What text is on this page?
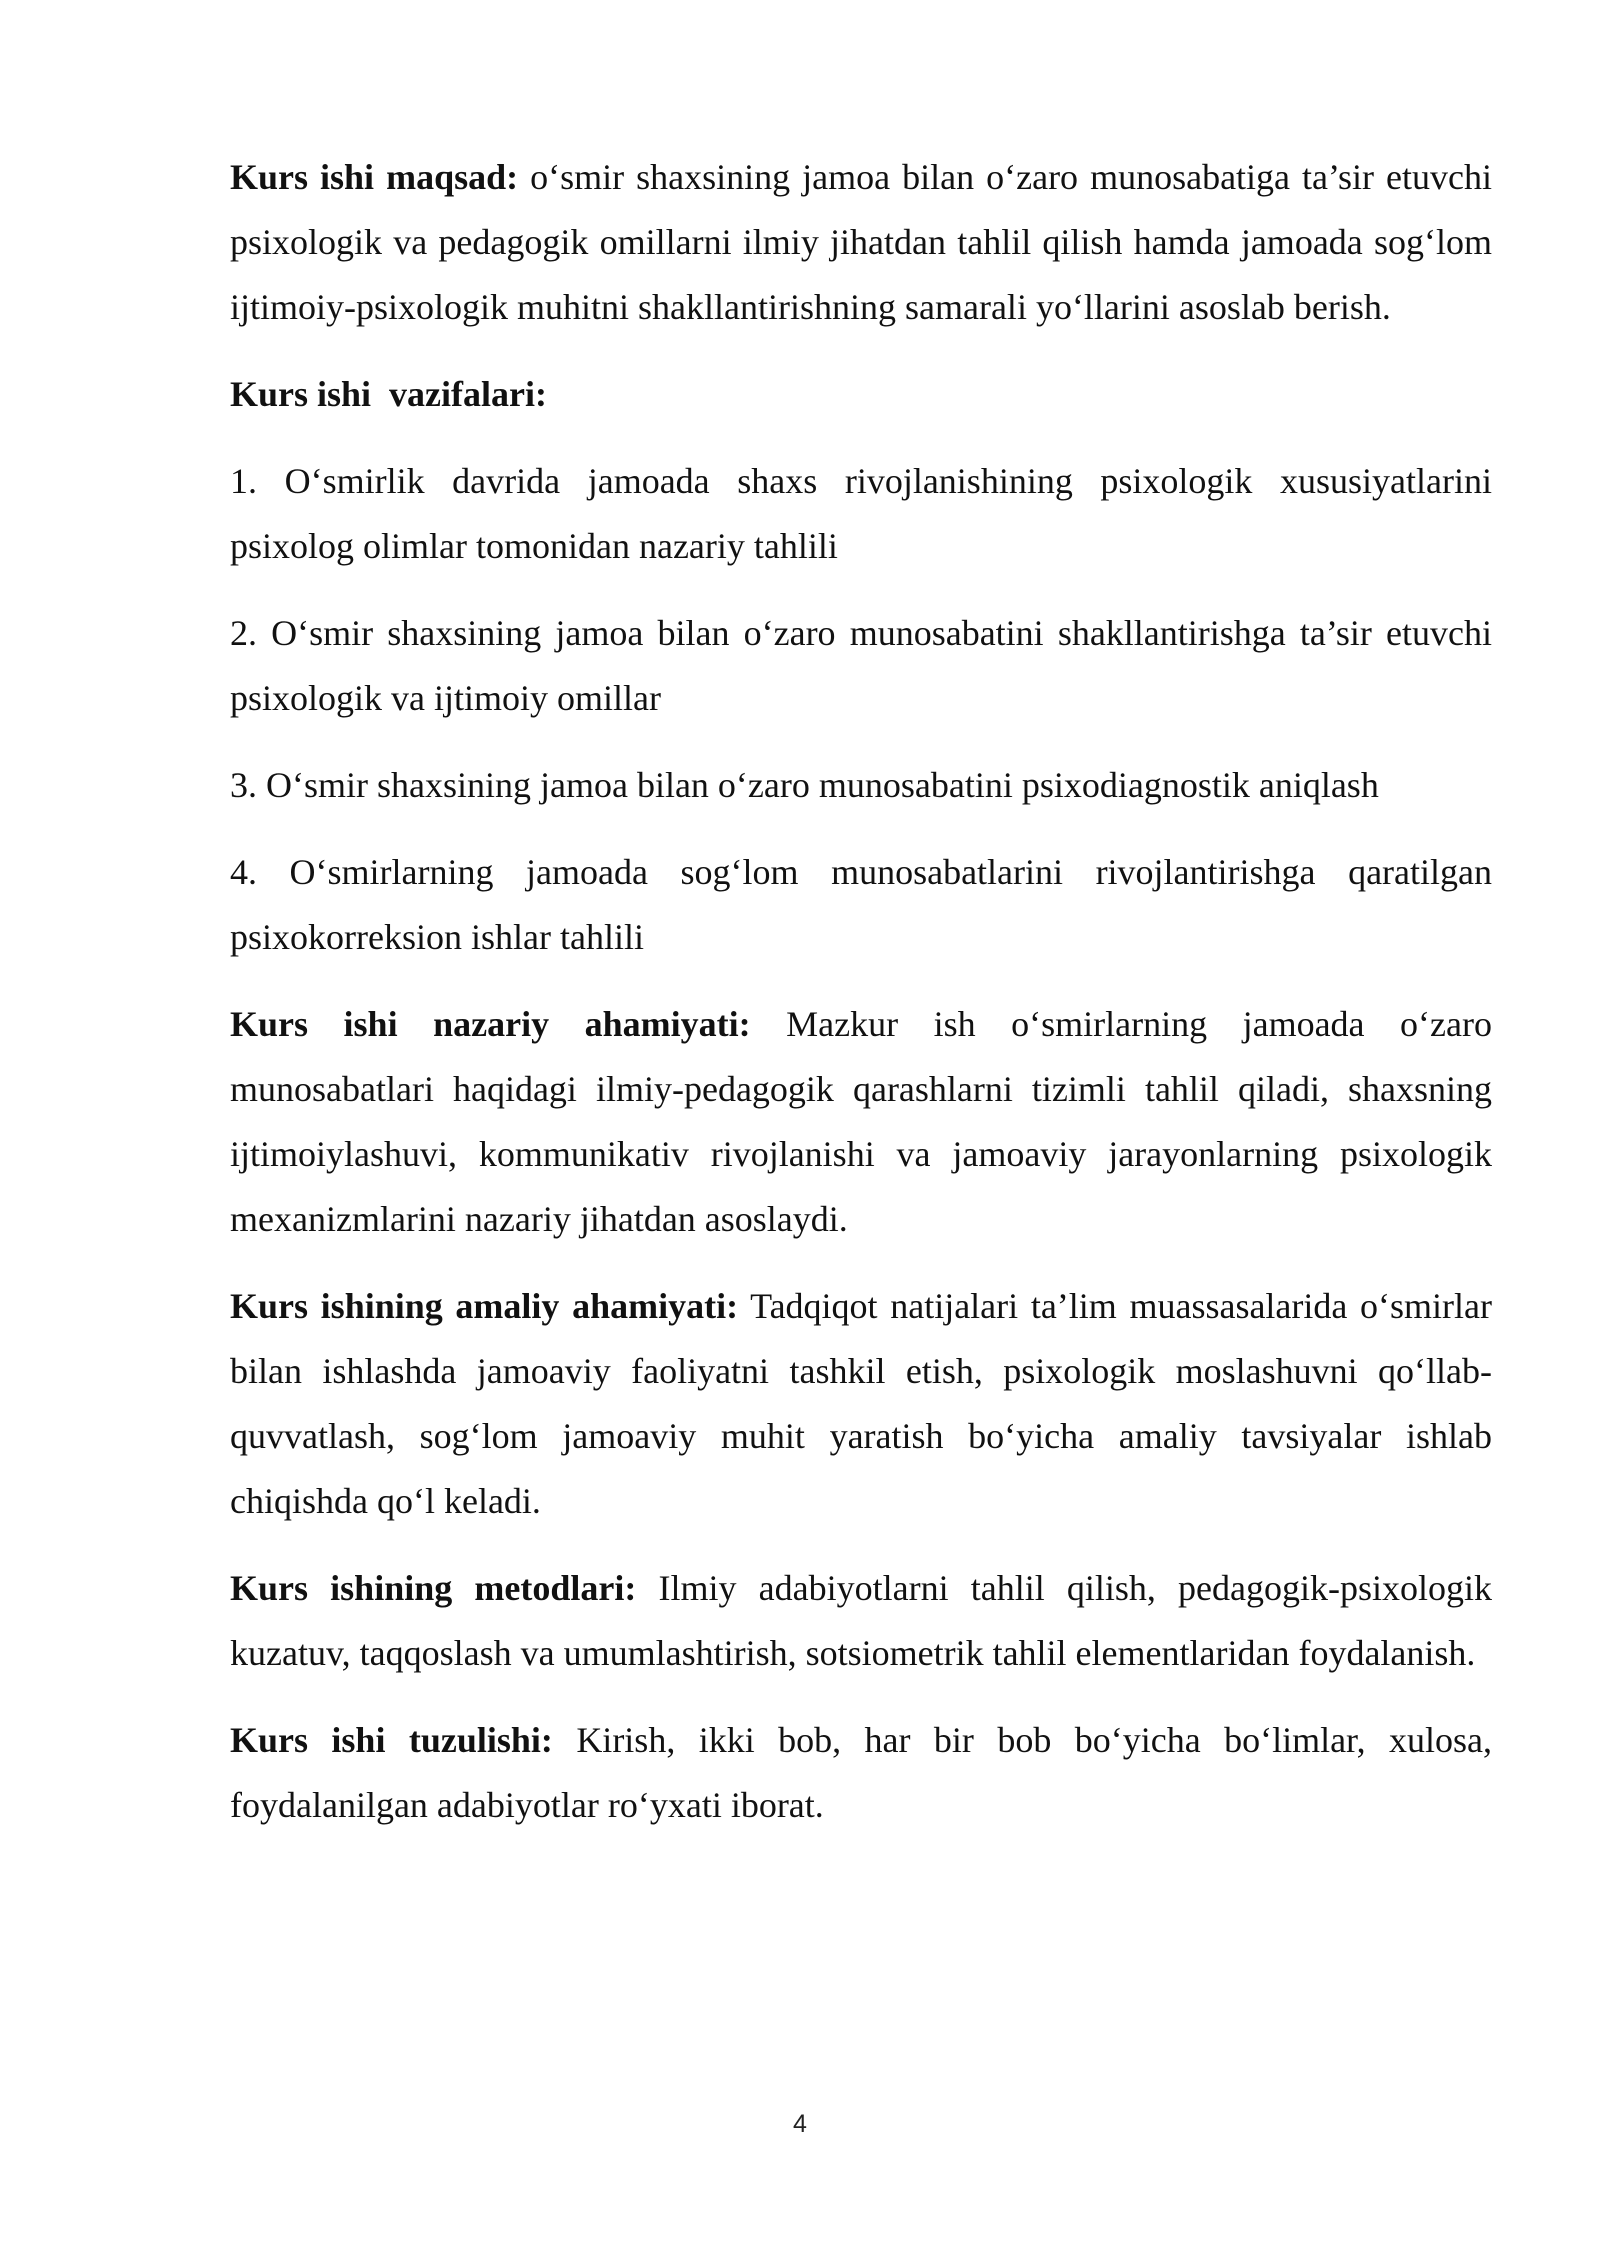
Kurs ishi maqsad: o‘smir shaxsining jamoa bilan o‘zaro munosabatiga ta’sir etuvchi psixologik va pedagogik omillarni ilmiy jihatdan tahlil qilish hamda jamoada sog‘lom ijtimoiy-psixologik muhitni shakllantirishning samarali yo‘llarini asoslab berish.

Kurs ishi  vazifalari:

1. O‘smirlik davrida jamoada shaxs rivojlanishining psixologik xususiyatlarini psixolog olimlar tomonidan nazariy tahlili

2. O‘smir shaxsining jamoa bilan o‘zaro munosabatini shakllantirishga ta’sir etuvchi psixologik va ijtimoiy omillar

3. O‘smir shaxsining jamoa bilan o‘zaro munosabatini psixodiagnostik aniqlash

4. O‘smirlarning jamoada sog‘lom munosabatlarini rivojlantirishga qaratilgan psixokorreksion ishlar tahlili

Kurs ishi nazariy ahamiyati: Mazkur ish o‘smirlarning jamoada o‘zaro munosabatlari haqidagi ilmiy-pedagogik qarashlarni tizimli tahlil qiladi, shaxsning ijtimoiylashuvi, kommunikativ rivojlanishi va jamoaviy jarayonlarning psixologik mexanizmlarini nazariy jihatdan asoslaydi.

Kurs ishining amaliy ahamiyati: Tadqiqot natijalari ta’lim muassasalarida o‘smirlar bilan ishlashda jamoaviy faoliyatni tashkil etish, psixologik moslashuvni qo‘llab-quvvatlash, sog‘lom jamoaviy muhit yaratish bo‘yicha amaliy tavsiyalar ishlab chiqishda qo‘l keladi.

Kurs ishining metodlari: Ilmiy adabiyotlarni tahlil qilish, pedagogik-psixologik kuzatuv, taqqoslash va umumlashtirish, sotsiometrik tahlil elementlaridan foydalanish.

Kurs ishi tuzulishi: Kirish, ikki bob, har bir bob bo‘yicha bo‘limlar, xulosa, foydalanilgan adabiyotlar ro‘yxati iborat.

4
